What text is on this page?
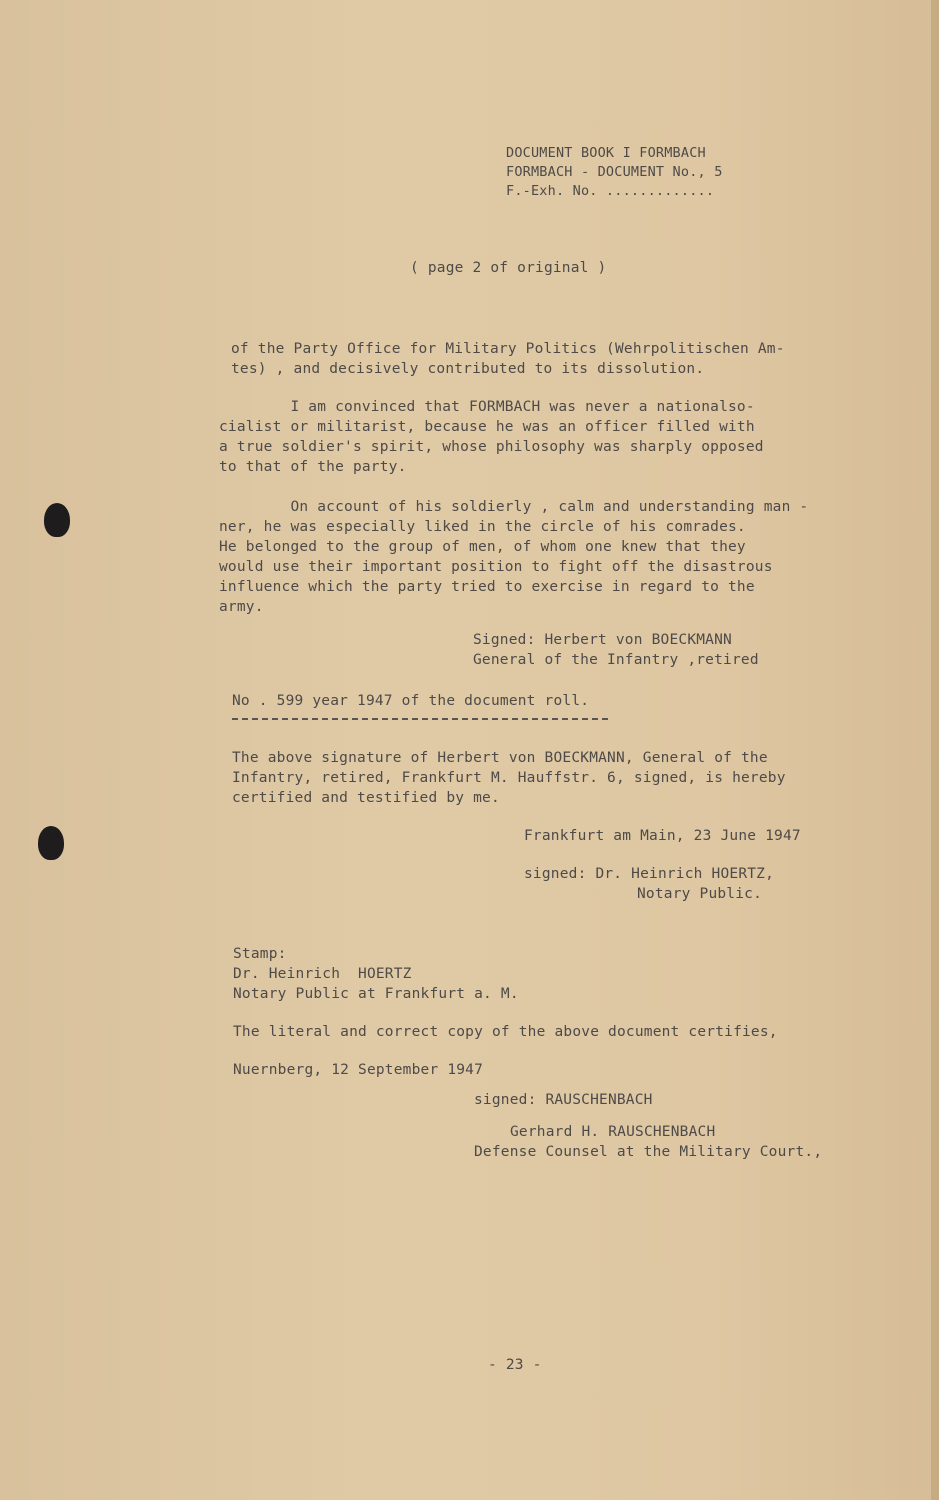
DOCUMENT BOOK I FORMBACH
FORMBACH - DOCUMENT No., 5
F.-Exh. No. .............
( page 2 of original )
of the Party Office for Military Politics (Wehrpolitischen Am-
tes) , and decisively contributed to its dissolution.
I am convinced that FORMBACH was never a nationalso-
cialist or militarist, because he was an officer filled with
a true soldier's spirit, whose philosophy was sharply opposed
to that of the party.
On account of his soldierly , calm and understanding man -
ner, he was especially liked in the circle of his comrades.
He belonged to the group of men, of whom one knew that they
would use their important position to fight off the disastrous
influence which the party tried to exercise in regard to the
army.
Signed: Herbert von BOECKMANN
General of the Infantry ,retired
No . 599 year 1947 of the document roll.
The above signature of Herbert von BOECKMANN, General of the
Infantry, retired, Frankfurt M. Hauffstr. 6, signed, is hereby
certified and testified by me.
Frankfurt am Main, 23 June 1947
signed: Dr. Heinrich HOERTZ,
Notary Public.
Stamp:
Dr. Heinrich  HOERTZ
Notary Public at Frankfurt a. M.
The literal and correct copy of the above document certifies,
Nuernberg, 12 September 1947
signed: RAUSCHENBACH
Gerhard H. RAUSCHENBACH
Defense Counsel at the Military Court.,
- 23 -
